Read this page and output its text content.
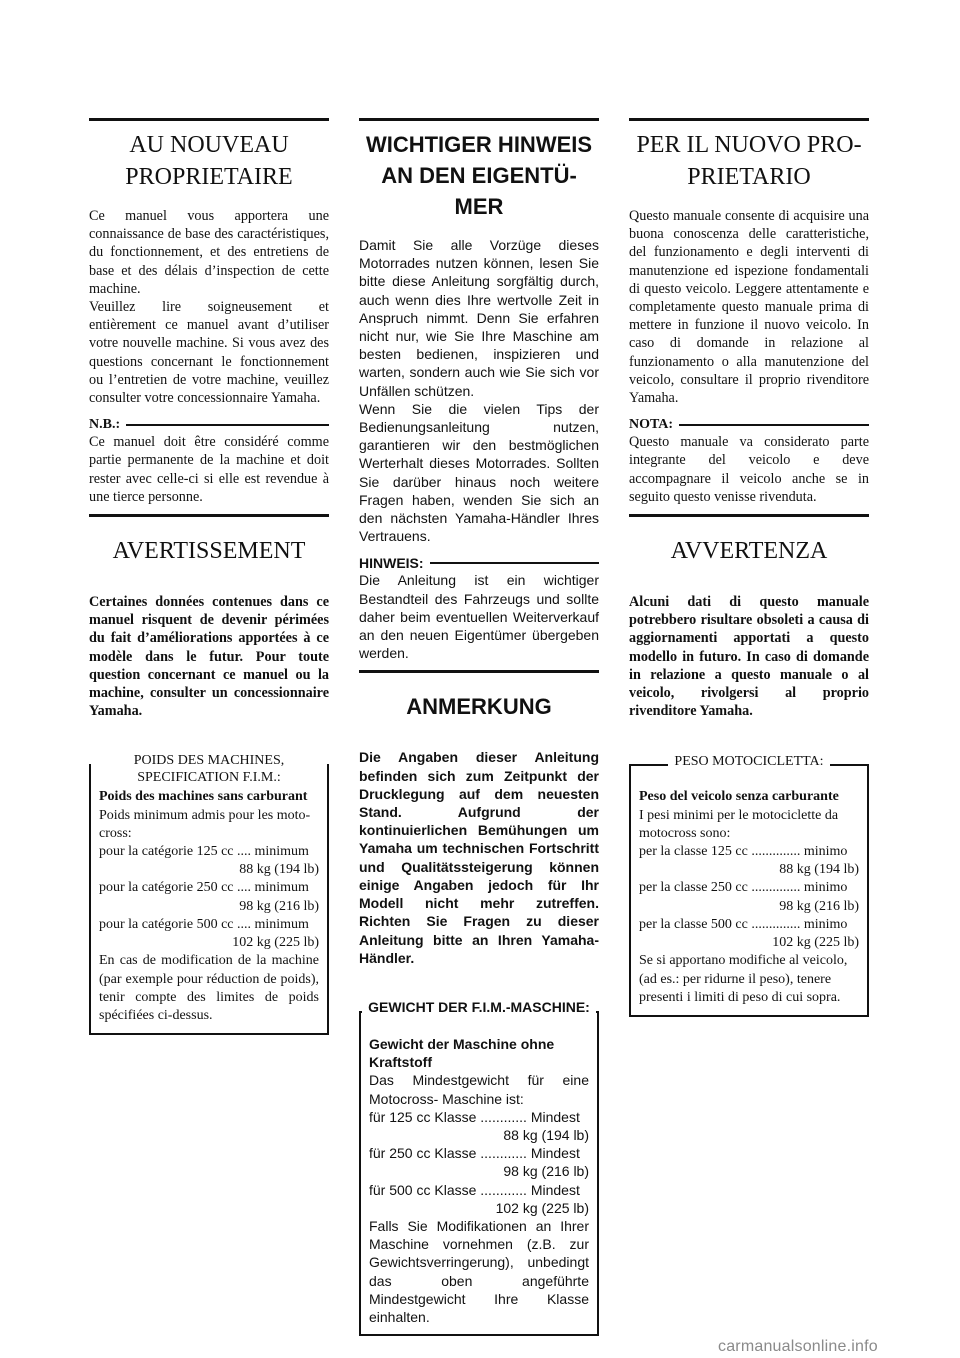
AU NOUVEAU PROPRIETAIRE

Ce manuel vous apportera une connaissance de base des caractéristiques, du fonctionnement, et des entretiens de base et des délais d’inspection de cette machine.

Veuillez lire soigneusement et entièrement ce manuel avant d’utiliser votre nouvelle machine. Si vous avez des questions concernant le fonctionnement ou l’entretien de votre machine, veuillez consulter votre concessionnaire Yamaha.

N.B.:

Ce manuel doit être considéré comme partie permanente de la machine et doit rester avec celle-ci si elle est revendue à une tierce personne.

AVERTISSEMENT

Certaines données contenues dans ce manuel risquent de devenir périmées du fait d’améliorations apportées à ce modèle dans le futur. Pour toute question concernant ce manuel ou la machine, consulter un concessionnaire Yamaha.

POIDS DES MACHINES, SPECIFICATION F.I.M.:

Poids des machines sans carburant

Poids minimum admis pour les moto-cross:

pour la catégorie 125 cc .... minimum

88 kg (194 lb)

pour la catégorie 250 cc .... minimum

98 kg (216 lb)

pour la catégorie 500 cc .... minimum

102 kg (225 lb)

En cas de modification de la machine (par exemple pour réduction de poids), tenir compte des limites de poids spécifiées ci-dessus.

WICHTIGER HINWEIS AN DEN EIGENTÜ-MER

Damit Sie alle Vorzüge dieses Motorrades nutzen können, lesen Sie bitte diese Anleitung sorgfältig durch, auch wenn dies Ihre wertvolle Zeit in Anspruch nimmt. Denn Sie erfahren nicht nur, wie Sie Ihre Maschine am besten bedienen, inspizieren und warten, sondern auch wie Sie sich vor Unfällen schützen.

Wenn Sie die vielen Tips der Bedienungsanleitung nutzen, garantieren wir den bestmöglichen Werterhalt dieses Motorrades. Sollten Sie darüber hinaus noch weitere Fragen haben, wenden Sie sich an den nächsten Yamaha-Händler Ihres Vertrauens.

HINWEIS:

Die Anleitung ist ein wichtiger Bestandteil des Fahrzeugs und sollte daher beim eventuellen Weiterverkauf an den neuen Eigentümer übergeben werden.

ANMERKUNG

Die Angaben dieser Anleitung befinden sich zum Zeitpunkt der Drucklegung auf dem neuesten Stand. Aufgrund der kontinuierlichen Bemühungen um Yamaha um technischen Fortschritt und Qualitätssteigerung können einige Angaben jedoch für Ihr Modell nicht mehr zutreffen. Richten Sie Fragen zu dieser Anleitung bitte an Ihren Yamaha-Händler.

GEWICHT DER F.I.M.-MASCHINE:

Gewicht der Maschine ohne Kraftstoff

Das Mindestgewicht für eine Motocross- Maschine ist:

für 125 cc Klasse ............ Mindest

88 kg (194 lb)

für 250 cc Klasse ............ Mindest

98 kg (216 lb)

für 500 cc Klasse ............ Mindest

102 kg (225 lb)

Falls Sie Modifikationen an Ihrer Maschine vornehmen (z.B. zur Gewichtsverringerung), unbedingt das oben angeführte Mindestgewicht Ihre Klasse einhalten.

PER IL NUOVO PRO-PRIETARIO

Questo manuale consente di acquisire una buona conoscenza delle caratteristiche, del funzionamento e degli interventi di manutenzione ed ispezione fondamentali di questo veicolo. Leggere attentamente e completamente questo manuale prima di mettere in funzione il nuovo veicolo. In caso di domande in relazione al funzionamento o alla manutenzione del veicolo, consultare il proprio rivenditore Yamaha.

NOTA:

Questo manuale va considerato parte integrante del veicolo e deve accompagnare il veicolo anche se in seguito questo venisse rivenduta.

AVVERTENZA

Alcuni dati di questo manuale potrebbero risultare obsoleti a causa di aggiornamenti apportati a questo modello in futuro. In caso di domande in relazione a questo manuale o al veicolo, rivolgersi al proprio rivenditore Yamaha.

PESO MOTOCICLETTA:

Peso del veicolo senza carburante

I pesi minimi per le motociclette da motocross sono:

per la classe 125 cc .............. minimo

88 kg (194 lb)

per la classe 250 cc .............. minimo

98 kg (216 lb)

per la classe 500 cc .............. minimo

102 kg (225 lb)

Se si apportano modifiche al veicolo, (ad es.: per ridurne il peso), tenere presenti i limiti di peso di cui sopra.

carmanualsonline.info
